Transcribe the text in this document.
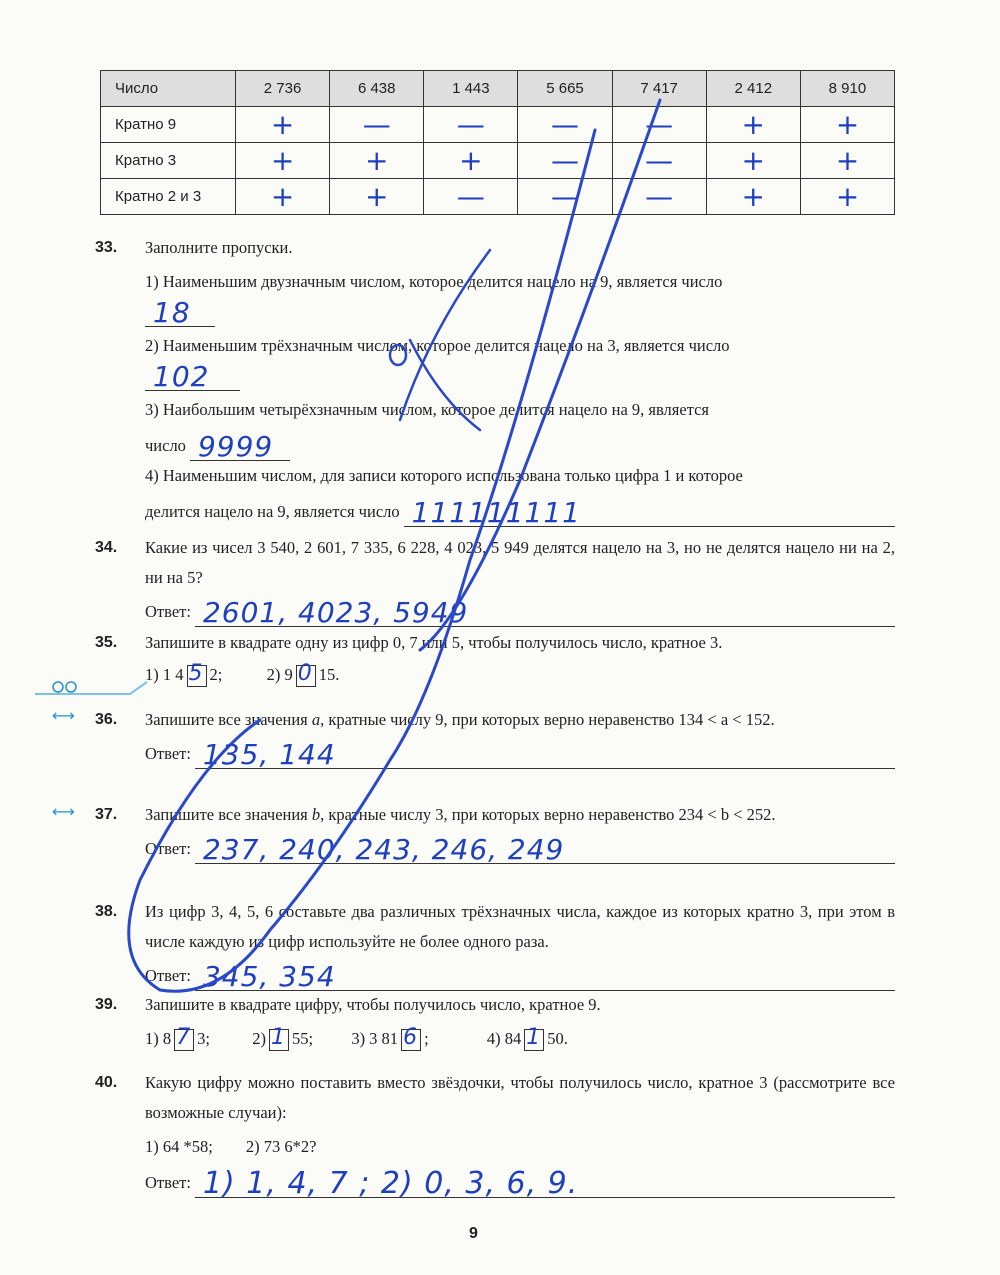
Число	2 736	6 438	1 443	5 665	7 417	2 412	8 910
Кратно 9	+	—	—	—	—	+	+
Кратно 3	+	+	+	—	—	+	+
Кратно 2 и 3	+	+	—	—	—	+	+
33. Заполните пропуски.
1) Наименьшим двузначным числом, которое делится нацело на 9, является число
18
2) Наименьшим трёхзначным числом, которое делится нацело на 3, является число
102
3) Наибольшим четырёхзначным числом, которое делится нацело на 9, является
число 9999
4) Наименьшим числом, для записи которого использована только цифра 1 и которое
делится нацело на 9, является число 111111111
34. Какие из чисел 3 540, 2 601, 7 335, 6 228, 4 023, 5 949 делятся нацело на 3, но не делятся нацело ни на 2, ни на 5?
Ответ: 2601, 4023, 5949
35. Запишите в квадрате одну из цифр 0, 7 или 5, чтобы получилось число, кратное 3.
1) 1 4 5 2;	2) 9 0 15.
⟷
⟷
36. Запишите все значения a, кратные числу 9, при которых верно неравенство 134 < a < 152.
Ответ: 135, 144
37. Запишите все значения b, кратные числу 3, при которых верно неравенство 234 < b < 252.
Ответ: 237, 240, 243, 246, 249
38. Из цифр 3, 4, 5, 6 составьте два различных трёхзначных числа, каждое из которых кратно 3, при этом в числе каждую из цифр используйте не более одного раза.
Ответ: 345, 354
39. Запишите в квадрате цифру, чтобы получилось число, кратное 9.
1) 8 7 3;	2) 1 55; 3) 3 81 6 ;	4) 84 1 50.
40. Какую цифру можно поставить вместо звёздочки, чтобы получилось число, кратное 3 (рассмотрите все возможные случаи):
1) 64 *58;        2) 73 6*2?
Ответ: 1) 1, 4, 7 ; 2) 0, 3, 6, 9.
9
